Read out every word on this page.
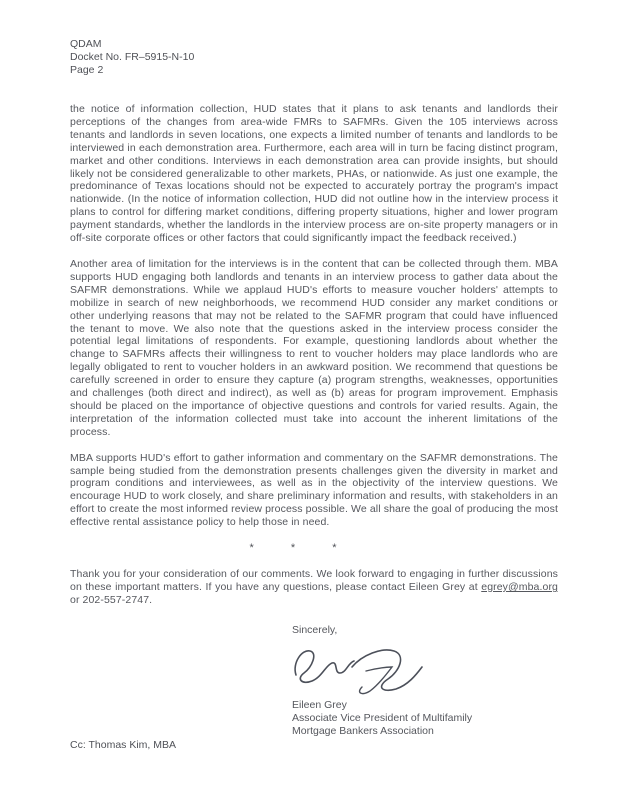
QDAM
Docket No. FR–5915-N-10
Page 2

the notice of information collection, HUD states that it plans to ask tenants and landlords their perceptions of the changes from area-wide FMRs to SAFMRs. Given the 105 interviews across tenants and landlords in seven locations, one expects a limited number of tenants and landlords to be interviewed in each demonstration area. Furthermore, each area will in turn be facing distinct program, market and other conditions. Interviews in each demonstration area can provide insights, but should likely not be considered generalizable to other markets, PHAs, or nationwide. As just one example, the predominance of Texas locations should not be expected to accurately portray the program's impact nationwide. (In the notice of information collection, HUD did not outline how in the interview process it plans to control for differing market conditions, differing property situations, higher and lower program payment standards, whether the landlords in the interview process are on-site property managers or in off-site corporate offices or other factors that could significantly impact the feedback received.)

Another area of limitation for the interviews is in the content that can be collected through them. MBA supports HUD engaging both landlords and tenants in an interview process to gather data about the SAFMR demonstrations. While we applaud HUD's efforts to measure voucher holders' attempts to mobilize in search of new neighborhoods, we recommend HUD consider any market conditions or other underlying reasons that may not be related to the SAFMR program that could have influenced the tenant to move. We also note that the questions asked in the interview process consider the potential legal limitations of respondents. For example, questioning landlords about whether the change to SAFMRs affects their willingness to rent to voucher holders may place landlords who are legally obligated to rent to voucher holders in an awkward position. We recommend that questions be carefully screened in order to ensure they capture (a) program strengths, weaknesses, opportunities and challenges (both direct and indirect), as well as (b) areas for program improvement. Emphasis should be placed on the importance of objective questions and controls for varied results. Again, the interpretation of the information collected must take into account the inherent limitations of the process.

MBA supports HUD's effort to gather information and commentary on the SAFMR demonstrations. The sample being studied from the demonstration presents challenges given the diversity in market and program conditions and interviewees, as well as in the objectivity of the interview questions. We encourage HUD to work closely, and share preliminary information and results, with stakeholders in an effort to create the most informed review process possible. We all share the goal of producing the most effective rental assistance policy to help those in need.

* * *

Thank you for your consideration of our comments. We look forward to engaging in further discussions on these important matters. If you have any questions, please contact Eileen Grey at egrey@mba.org or 202-557-2747.

Sincerely,
Eileen Grey
Associate Vice President of Multifamily
Mortgage Bankers Association
Cc: Thomas Kim, MBA
